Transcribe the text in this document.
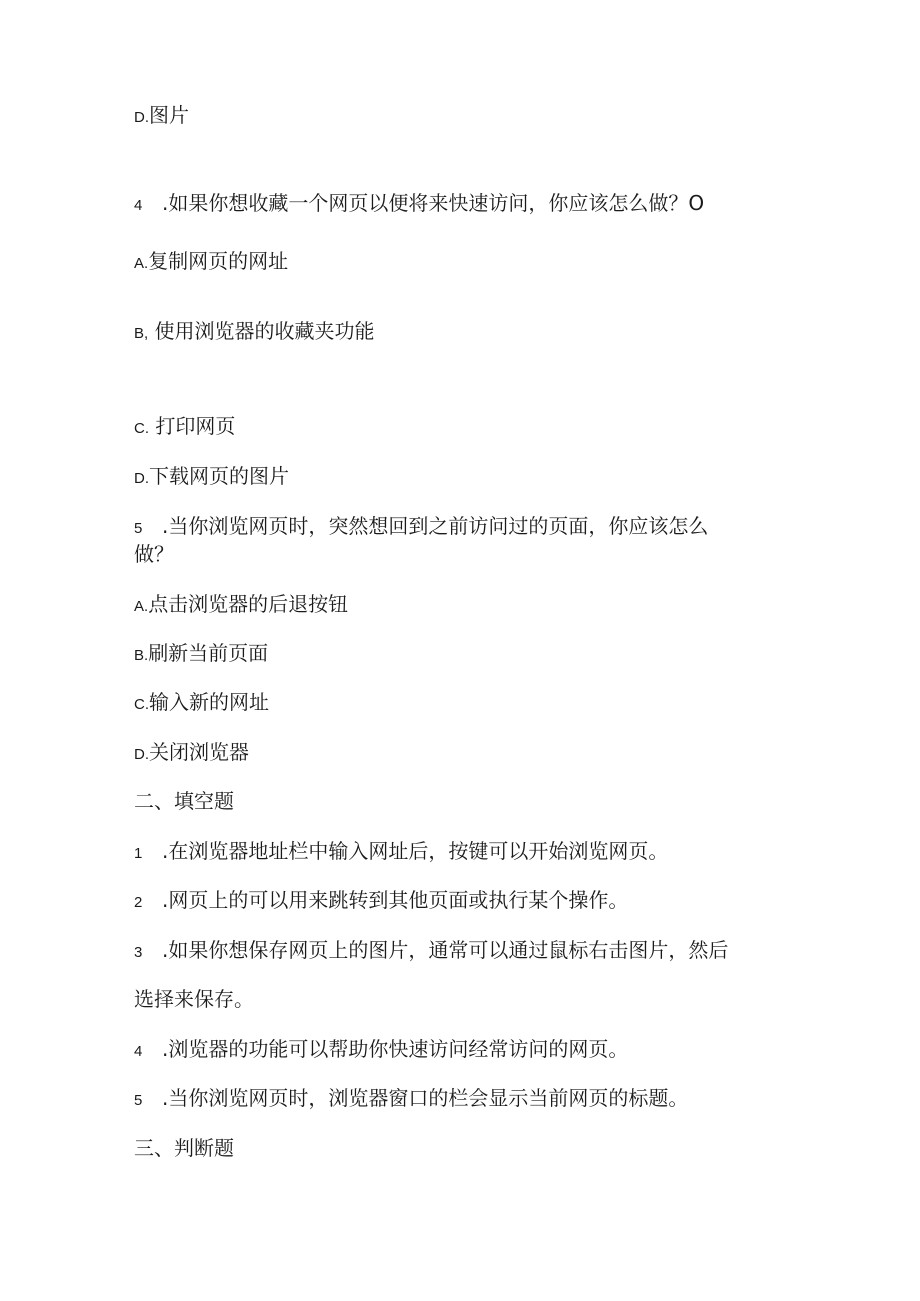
D.图片
4 .如果你想收藏一个网页以便将来快速访问，你应该怎么做？O
A.复制网页的网址
B, 使用浏览器的收藏夹功能
C. 打印网页
D.下载网页的图片
5 .当你浏览网页时，突然想回到之前访问过的页面，你应该怎么
做？
A.点击浏览器的后退按钮
B.刷新当前页面
C.输入新的网址
D.关闭浏览器
二、填空题
1 .在浏览器地址栏中输入网址后，按键可以开始浏览网页。
2 .网页上的可以用来跳转到其他页面或执行某个操作。
3 .如果你想保存网页上的图片，通常可以通过鼠标右击图片，然后
选择来保存。
4 .浏览器的功能可以帮助你快速访问经常访问的网页。
5 .当你浏览网页时，浏览器窗口的栏会显示当前网页的标题。
三、判断题
